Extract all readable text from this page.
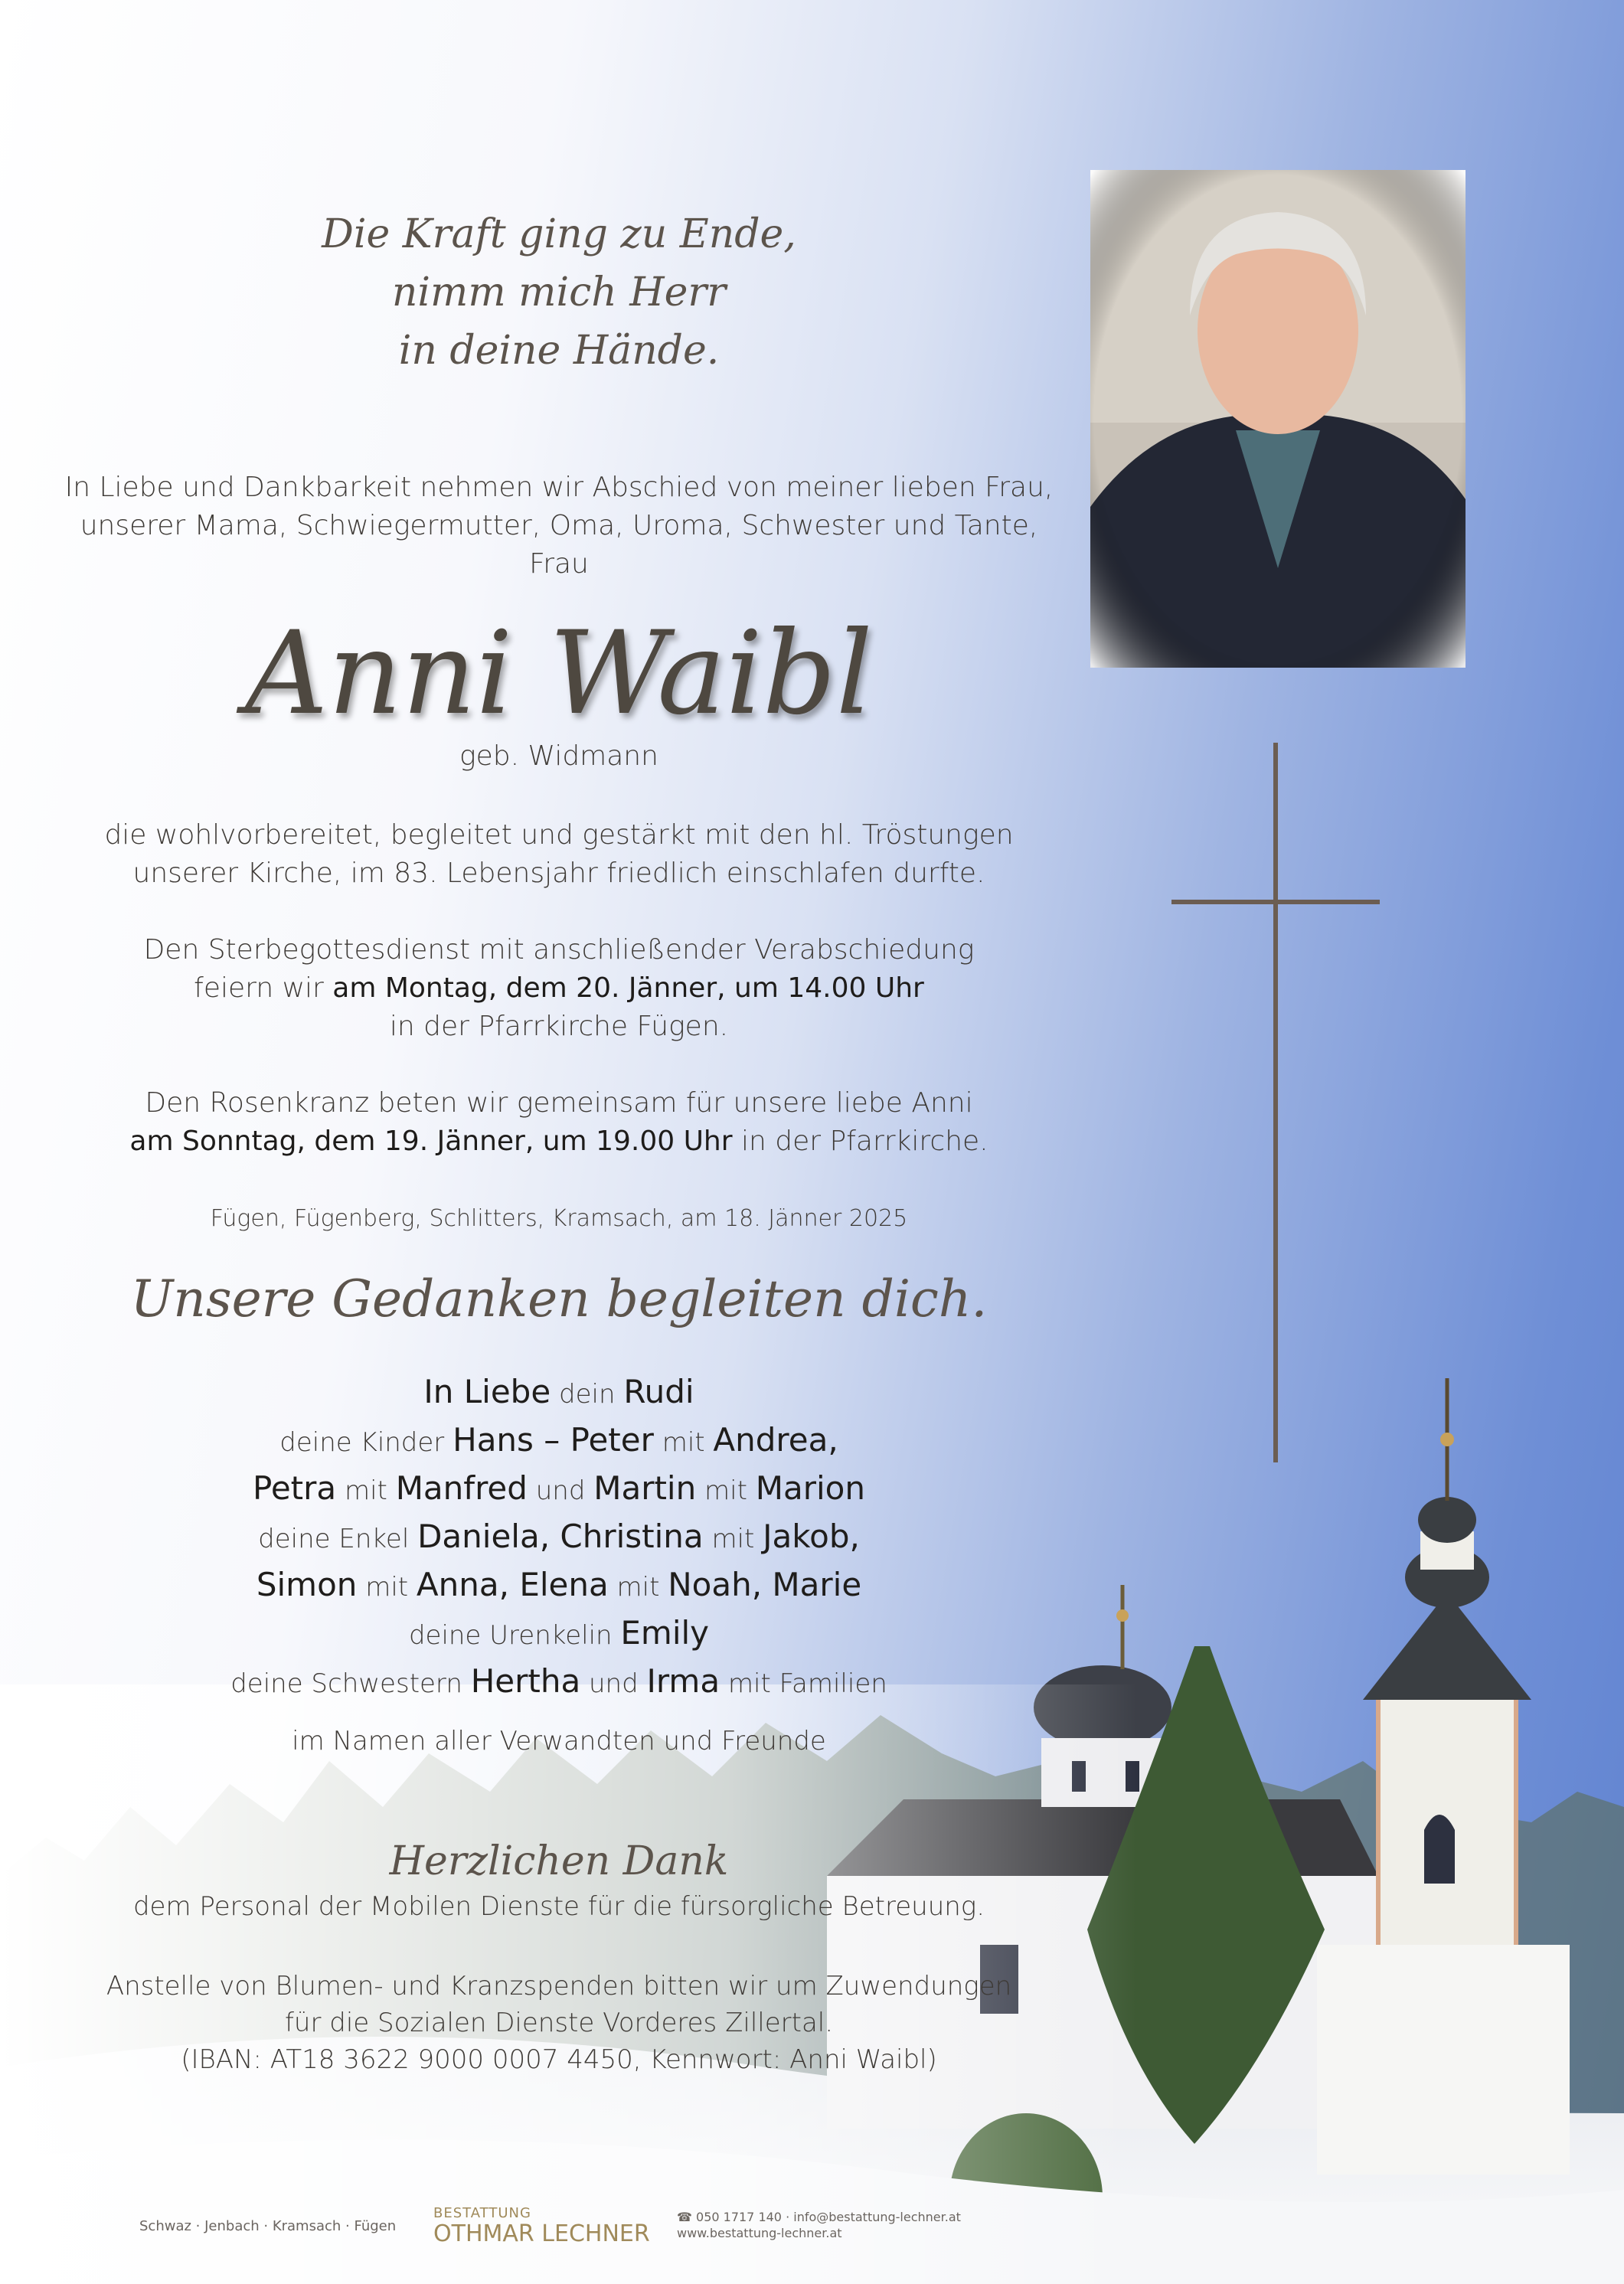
Die Kraft ging zu Ende,
nimm mich Herr
in deine Hände.
In Liebe und Dankbarkeit nehmen wir Abschied von meiner lieben Frau,
unserer Mama, Schwiegermutter, Oma, Uroma, Schwester und Tante,
Frau
Anni Waibl
geb. Widmann
die wohlvorbereitet, begleitet und gestärkt mit den hl. Tröstungen
unserer Kirche, im 83. Lebensjahr friedlich einschlafen durfte.
Den Sterbegottesdienst mit anschließender Verabschiedung
feiern wir am Montag, dem 20. Jänner, um 14.00 Uhr
in der Pfarrkirche Fügen.
Den Rosenkranz beten wir gemeinsam für unsere liebe Anni
am Sonntag, dem 19. Jänner, um 19.00 Uhr in der Pfarrkirche.
Fügen, Fügenberg, Schlitters, Kramsach, am 18. Jänner 2025
Unsere Gedanken begleiten dich.
In Liebe dein Rudi
deine Kinder Hans – Peter mit Andrea,
Petra mit Manfred und Martin mit Marion
deine Enkel Daniela, Christina mit Jakob,
Simon mit Anna, Elena mit Noah, Marie
deine Urenkelin Emily
deine Schwestern Hertha und Irma mit Familien
im Namen aller Verwandten und Freunde
Herzlichen Dank
dem Personal der Mobilen Dienste für die fürsorgliche Betreuung.
Anstelle von Blumen- und Kranzspenden bitten wir um Zuwendungen
für die Sozialen Dienste Vorderes Zillertal.
(IBAN: AT18 3622 9000 0007 4450, Kennwort: Anni Waibl)
Schwaz · Jenbach · Kramsach · Fügen
BESTATTUNG
OTHMAR LECHNER
☎ 050 1717 140 · info@bestattung-lechner.at
www.bestattung-lechner.at
